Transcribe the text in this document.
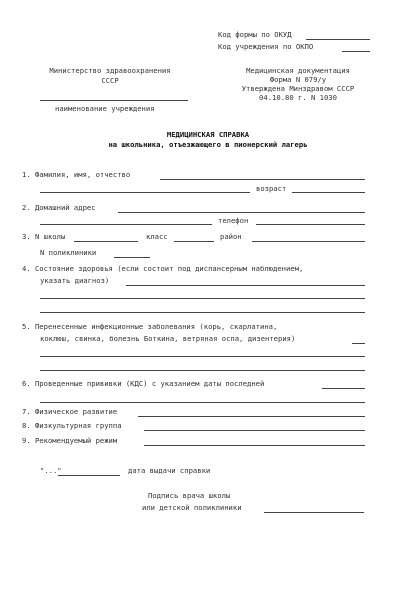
Код формы по ОКУД
Код учреждения по ОКПО
Министерство здравоохранения
СССР
наименование учреждения
Медицинская документация
Форма N 079/у
Утверждена Минздравом СССР
04.10.80 г. N 1030
МЕДИЦИНСКАЯ СПРАВКА
на школьника, отъезжающего в пионерский лагерь
1. Фамилия, имя, отчество
возраст
2. Домашний адрес
телефон
3. N школы	класс	район
N поликлиники
4. Состояние здоровья (если состоит под диспансерным наблюдением,
указать диагноз)
5. Перенесенные инфекционные заболевания (корь, скарлатина,
коклюш, свинка, болезнь Боткина, ветряная оспа, дизентерия)
6. Проведенные прививки (КДС) с указанием даты последней
7. Физическое развитие
8. Физкультурная группа
9. Рекомендуемый режим
"..."	дата выдачи справки
Подпись врача школы
или детской поликлиники
